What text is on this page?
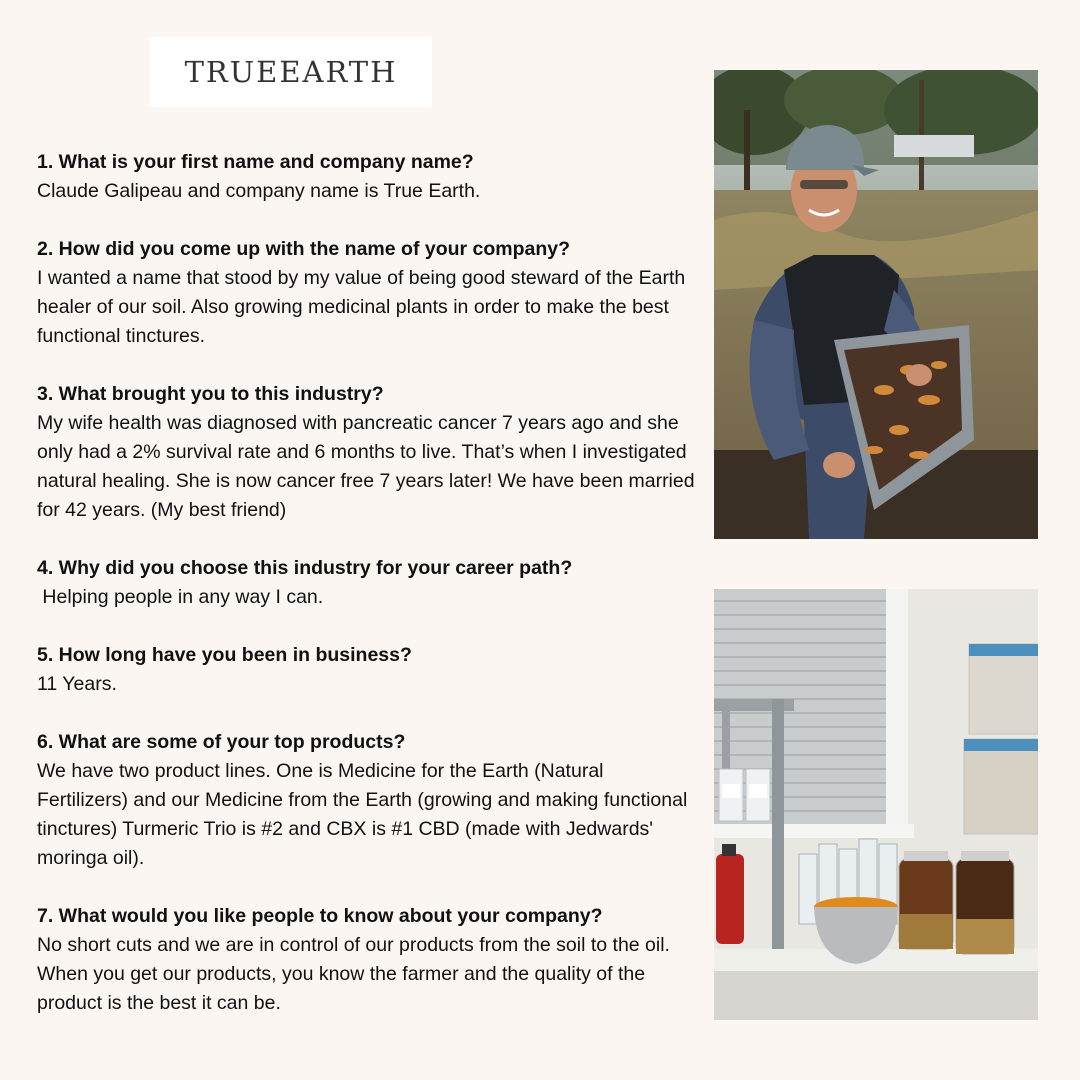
TRUEEARTH
1. What is your first name and company name?
Claude Galipeau and company name is True Earth.
2. How did you come up with the name of your company?
I wanted a name that stood by my value of being good steward of the Earth healer of our soil. Also growing medicinal plants in order to make the best functional tinctures.
3. What brought you to this industry?
My wife health was diagnosed with pancreatic cancer 7 years ago and she only had a 2% survival rate and 6 months to live. That’s when I investigated natural healing. She is now cancer free 7 years later! We have been married for 42 years. (My best friend)
4. Why did you choose this industry for your career path?
Helping people in any way I can.
5. How long have you been in business?
11 Years.
6. What are some of your top products?
We have two product lines. One is Medicine for the Earth (Natural Fertilizers) and our Medicine from the Earth (growing and making functional tinctures) Turmeric Trio is #2 and CBX is #1 CBD (made with Jedwards' moringa oil).
7. What would you like people to know about your company?
No short cuts and we are in control of our products from the soil to the oil. When you get our products, you know the farmer and the quality of the product is the best it can be.
